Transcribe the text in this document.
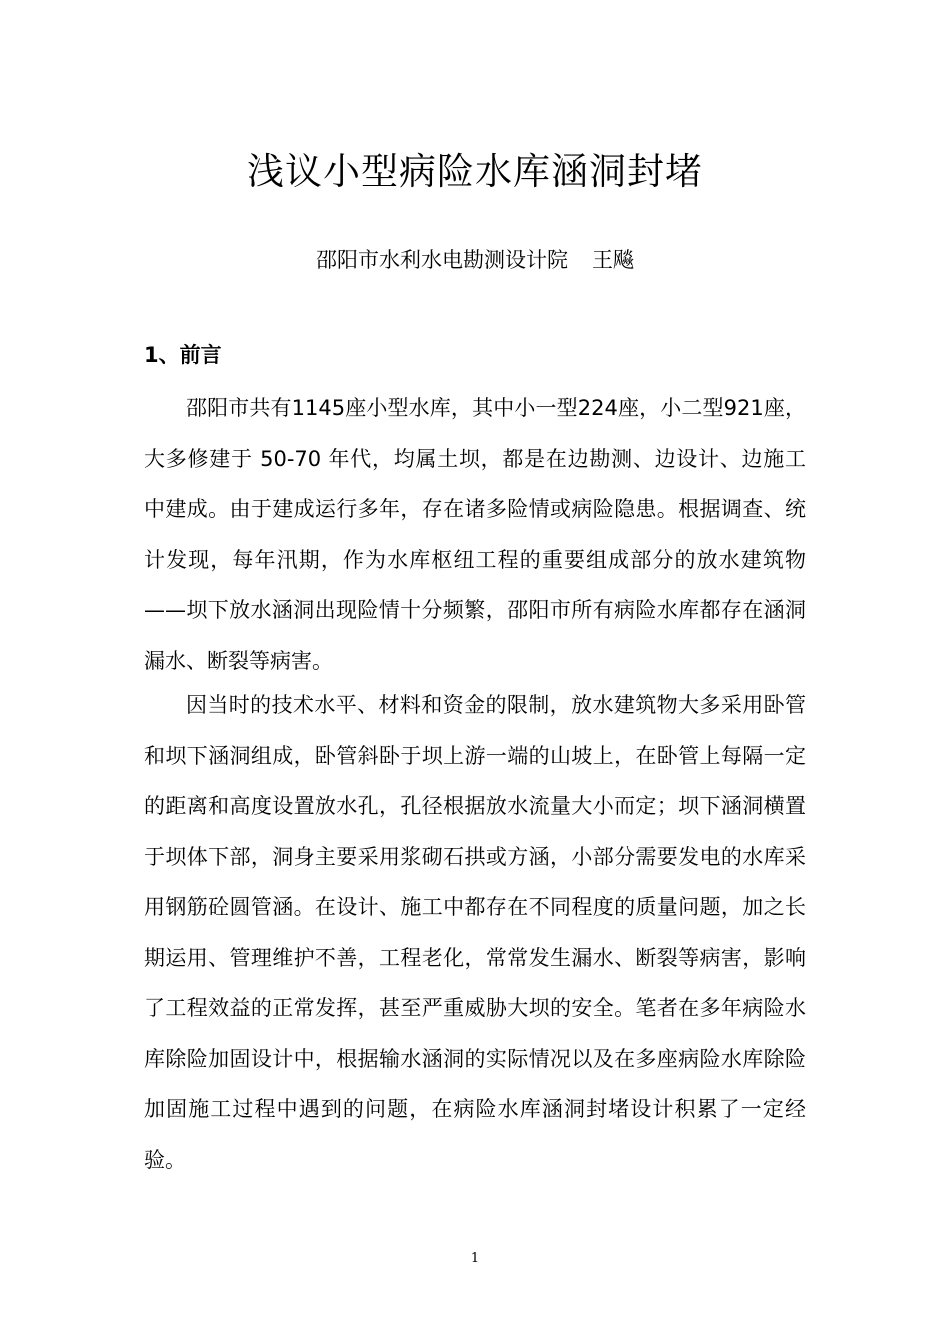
浅议小型病险水库涵洞封堵
邵阳市水利水电勘测设计院 王飚
1、前言

邵阳市共有1145座小型水库，其中小一型224座，小二型921座，大多修建于 50-70 年代，均属土坝，都是在边勘测、边设计、边施工中建成。由于建成运行多年，存在诸多险情或病险隐患。根据调查、统计发现，每年汛期，作为水库枢纽工程的重要组成部分的放水建筑物——坝下放水涵洞出现险情十分频繁，邵阳市所有病险水库都存在涵洞漏水、断裂等病害。

因当时的技术水平、材料和资金的限制，放水建筑物大多采用卧管和坝下涵洞组成，卧管斜卧于坝上游一端的山坡上，在卧管上每隔一定的距离和高度设置放水孔，孔径根据放水流量大小而定；坝下涵洞横置于坝体下部，洞身主要采用浆砌石拱或方涵，小部分需要发电的水库采用钢筋砼圆管涵。在设计、施工中都存在不同程度的质量问题，加之长期运用、管理维护不善，工程老化，常常发生漏水、断裂等病害，影响了工程效益的正常发挥，甚至严重威胁大坝的安全。笔者在多年病险水库除险加固设计中，根据输水涵洞的实际情况以及在多座病险水库除险加固施工过程中遇到的问题，在病险水库涵洞封堵设计积累了一定经验。

1
